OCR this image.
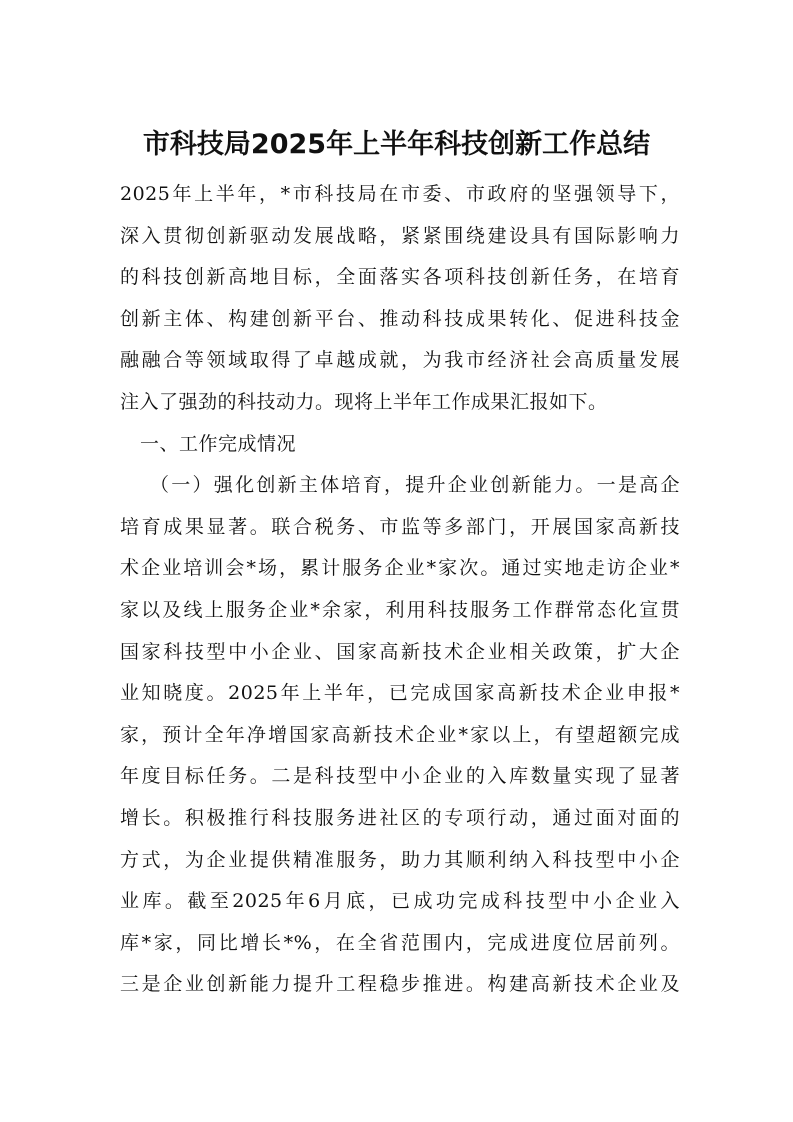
市科技局2025年上半年科技创新工作总结
2025年上半年，*市科技局在市委、市政府的坚强领导下，
深入贯彻创新驱动发展战略，紧紧围绕建设具有国际影响力
的科技创新高地目标，全面落实各项科技创新任务，在培育
创新主体、构建创新平台、推动科技成果转化、促进科技金
融融合等领域取得了卓越成就，为我市经济社会高质量发展
注入了强劲的科技动力。现将上半年工作成果汇报如下。
一、工作完成情况
（一）强化创新主体培育，提升企业创新能力。一是高企
培育成果显著。联合税务、市监等多部门，开展国家高新技
术企业培训会*场，累计服务企业*家次。通过实地走访企业*
家以及线上服务企业*余家，利用科技服务工作群常态化宣贯
国家科技型中小企业、国家高新技术企业相关政策，扩大企
业知晓度。2025年上半年，已完成国家高新技术企业申报*
家，预计全年净增国家高新技术企业*家以上，有望超额完成
年度目标任务。二是科技型中小企业的入库数量实现了显著
增长。积极推行科技服务进社区的专项行动，通过面对面的
方式，为企业提供精准服务，助力其顺利纳入科技型中小企
业库。截至2025年6月底，已成功完成科技型中小企业入
库*家，同比增长*%，在全省范围内，完成进度位居前列。
三是企业创新能力提升工程稳步推进。构建高新技术企业及
